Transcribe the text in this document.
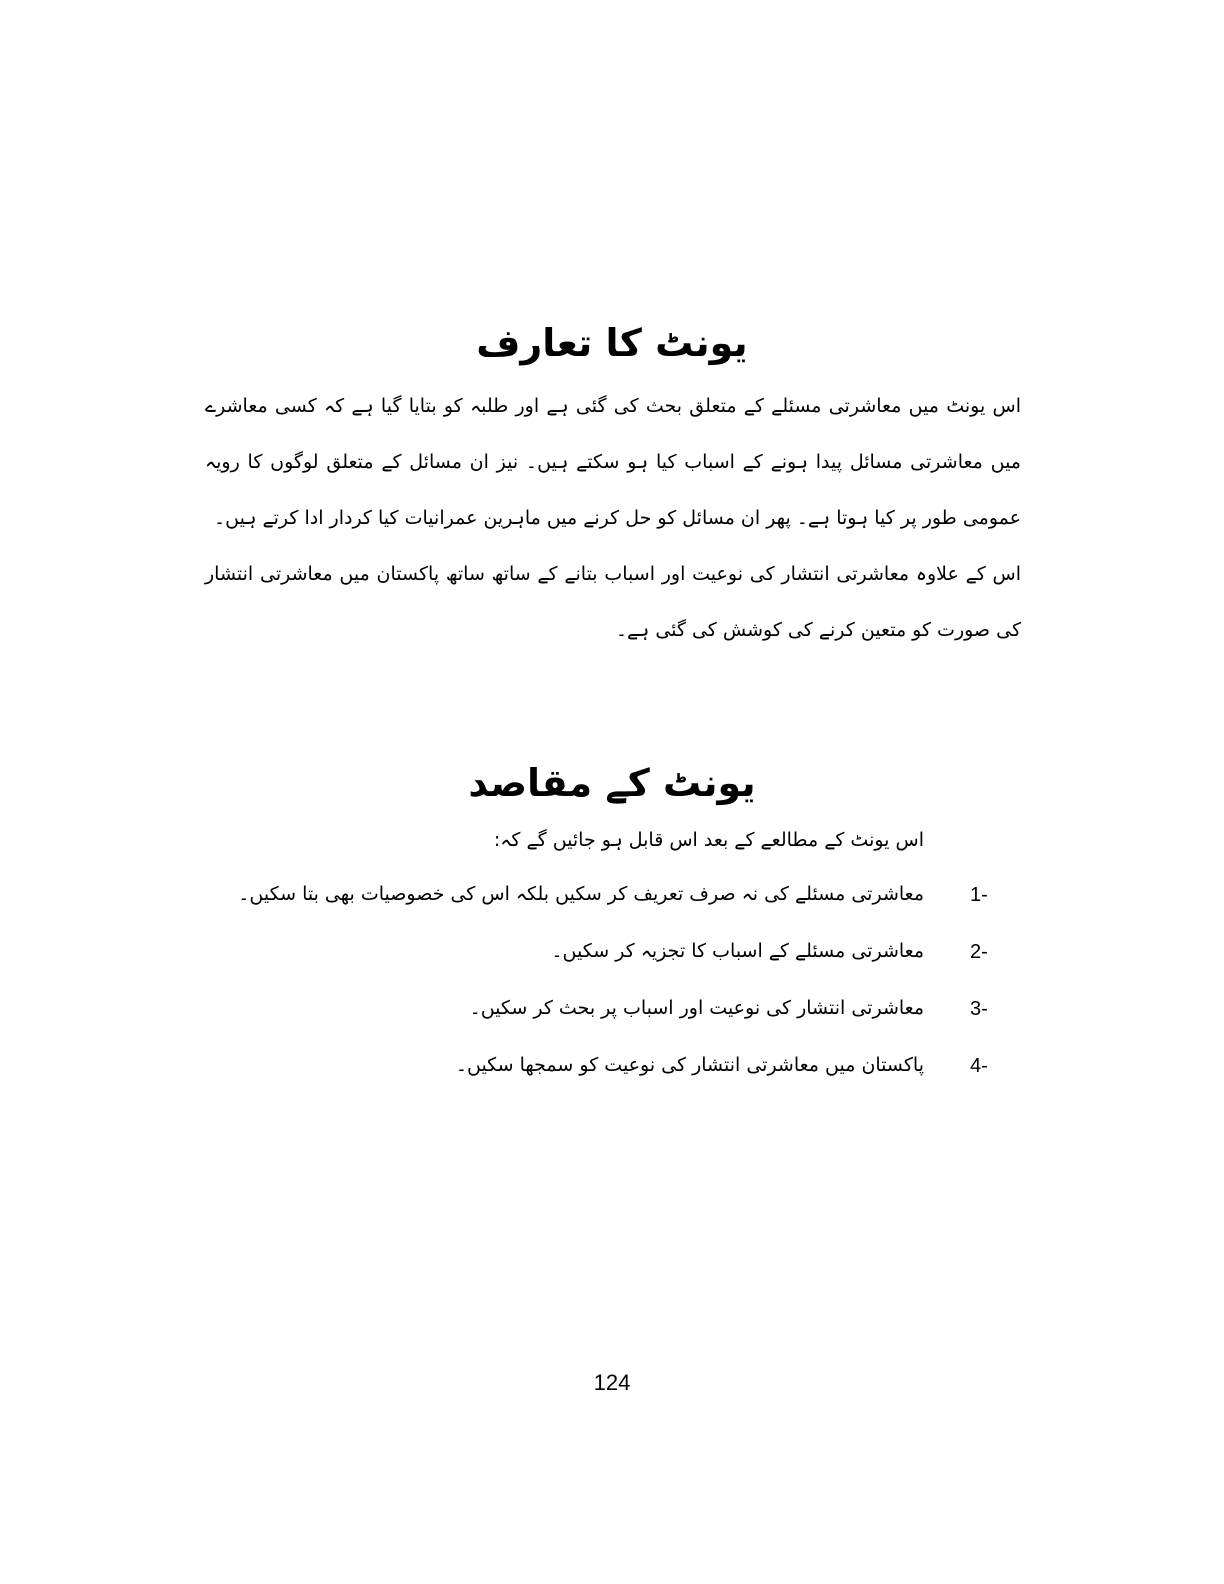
یونٹ کا تعارف

اس یونٹ میں معاشرتی مسئلے کے متعلق بحث کی گئی ہے اور طلبہ کو بتایا گیا ہے کہ کسی معاشرے میں معاشرتی مسائل پیدا ہونے کے اسباب کیا ہو سکتے ہیں۔ نیز ان مسائل کے متعلق لوگوں کا رویہ عمومی طور پر کیا ہوتا ہے۔ پھر ان مسائل کو حل کرنے میں ماہرین عمرانیات کیا کردار ادا کرتے ہیں۔

اس کے علاوہ معاشرتی انتشار کی نوعیت اور اسباب بتانے کے ساتھ ساتھ پاکستان میں معاشرتی انتشار کی صورت کو متعین کرنے کی کوشش کی گئی ہے۔

یونٹ کے مقاصد

اس یونٹ کے مطالعے کے بعد اس قابل ہو جائیں گے کہ:

1-
معاشرتی مسئلے کی نہ صرف تعریف کر سکیں بلکہ اس کی خصوصیات بھی بتا سکیں۔
2-
معاشرتی مسئلے کے اسباب کا تجزیہ کر سکیں۔
3-
معاشرتی انتشار کی نوعیت اور اسباب پر بحث کر سکیں۔
4-
پاکستان میں معاشرتی انتشار کی نوعیت کو سمجھا سکیں۔
124
